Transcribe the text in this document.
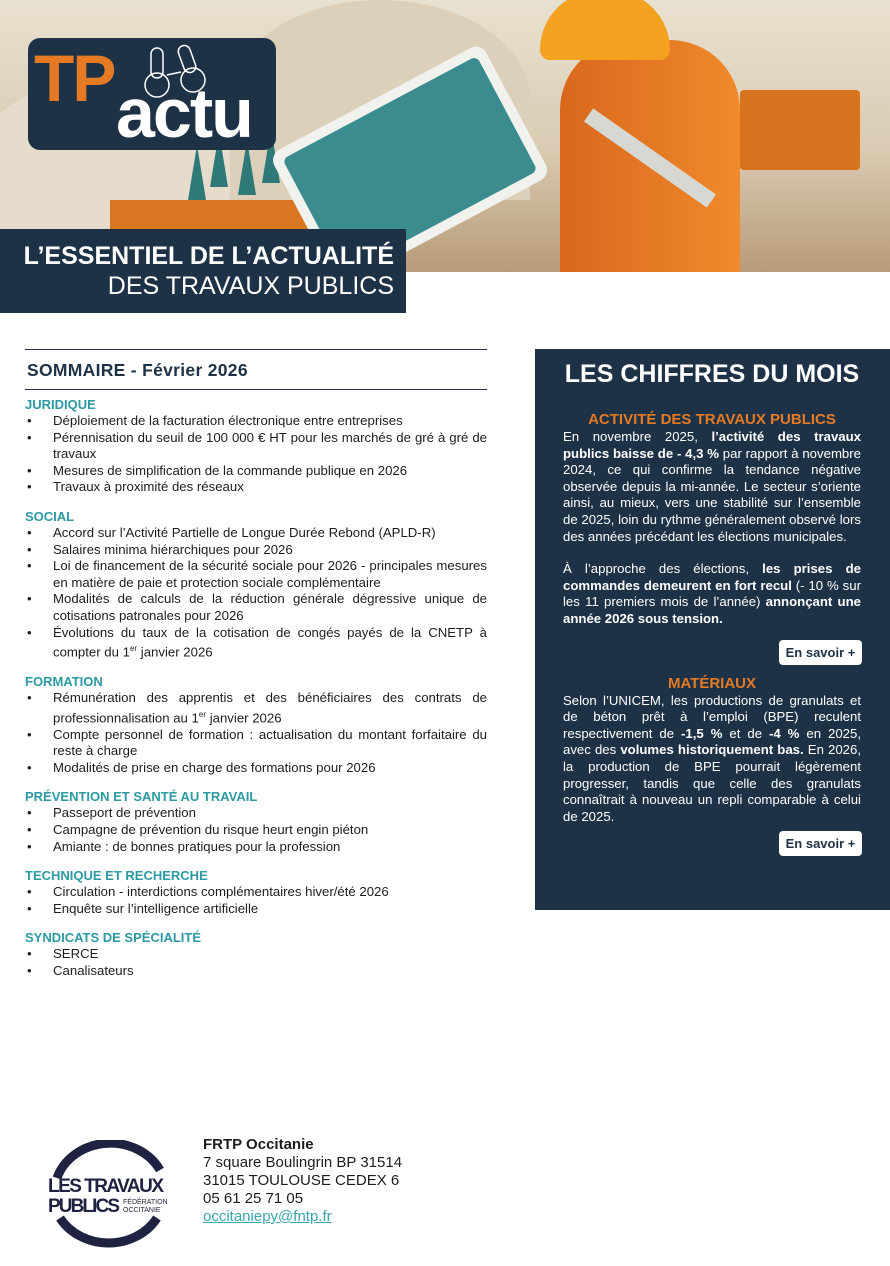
TP actu
L’ESSENTIEL DE L’ACTUALITÉ
DES TRAVAUX PUBLICS
SOMMAIRE - Février 2026
JURIDIQUE
• Déploiement de la facturation électronique entre entreprises
• Pérennisation du seuil de 100 000 € HT pour les marchés de gré à gré de travaux
• Mesures de simplification de la commande publique en 2026
• Travaux à proximité des réseaux
SOCIAL
• Accord sur l’Activité Partielle de Longue Durée Rebond (APLD-R)
• Salaires minima hiérarchiques pour 2026
• Loi de financement de la sécurité sociale pour 2026 - principales mesures en matière de paie et protection sociale complémentaire
• Modalités de calculs de la réduction générale dégressive unique de cotisations patronales pour 2026
• Évolutions du taux de la cotisation de congés payés de la CNETP à compter du 1er janvier 2026
FORMATION
• Rémunération des apprentis et des bénéficiaires des contrats de professionnalisation au 1er janvier 2026
• Compte personnel de formation : actualisation du montant forfaitaire du reste à charge
• Modalités de prise en charge des formations pour 2026
PRÉVENTION ET SANTÉ AU TRAVAIL
• Passeport de prévention
• Campagne de prévention du risque heurt engin piéton
• Amiante : de bonnes pratiques pour la profession
TECHNIQUE ET RECHERCHE
• Circulation - interdictions complémentaires hiver/été 2026
• Enquête sur l’intelligence artificielle
SYNDICATS DE SPÉCIALITÉ
• SERCE
• Canalisateurs
LES CHIFFRES DU MOIS
ACTIVITÉ DES TRAVAUX PUBLICS

En novembre 2025, l’activité des travaux publics baisse de - 4,3 % par rapport à novembre 2024, ce qui confirme la tendance négative observée depuis la mi-année. Le secteur s’oriente ainsi, au mieux, vers une stabilité sur l’ensemble de 2025, loin du rythme généralement observé lors des années précédant les élections municipales.

À l’approche des élections, les prises de commandes demeurent en fort recul (- 10 % sur les 11 premiers mois de l’année) annonçant une année 2026 sous tension.

En savoir +
MATÉRIAUX

Selon l’UNICEM, les productions de granulats et de béton prêt à l’emploi (BPE) reculent respectivement de -1,5 % et de -4 % en 2025, avec des volumes historiquement bas. En 2026, la production de BPE pourrait légèrement progresser, tandis que celle des granulats connaîtrait à nouveau un repli comparable à celui de 2025.

En savoir +
LES TRAVAUX
PUBLICS FÉDÉRATION
OCCITANIE
FRTP Occitanie
7 square Boulingrin BP 31514
31015 TOULOUSE CEDEX 6
05 61 25 71 05
occitaniepy@fntp.fr
